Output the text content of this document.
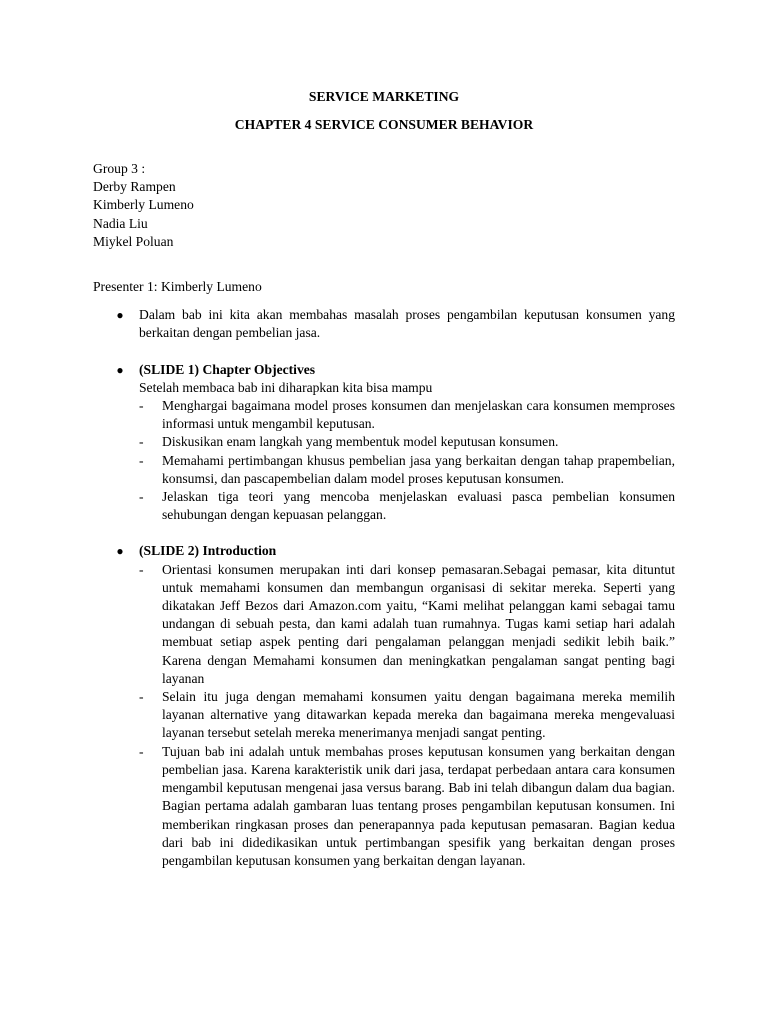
SERVICE MARKETING
CHAPTER 4 SERVICE CONSUMER BEHAVIOR
Group 3 :
Derby Rampen
Kimberly Lumeno
Nadia Liu
Miykel Poluan
Presenter 1: Kimberly Lumeno
● Dalam bab ini kita akan membahas masalah proses pengambilan keputusan konsumen yang berkaitan dengan pembelian jasa.
● (SLIDE 1) Chapter Objectives
Setelah membaca bab ini diharapkan kita bisa mampu
- Menghargai bagaimana model proses konsumen dan menjelaskan cara konsumen memproses informasi untuk mengambil keputusan.
- Diskusikan enam langkah yang membentuk model keputusan konsumen.
- Memahami pertimbangan khusus pembelian jasa yang berkaitan dengan tahap prapembelian, konsumsi, dan pascapembelian dalam model proses keputusan konsumen.
- Jelaskan tiga teori yang mencoba menjelaskan evaluasi pasca pembelian konsumen sehubungan dengan kepuasan pelanggan.
● (SLIDE 2) Introduction
- Orientasi konsumen merupakan inti dari konsep pemasaran.Sebagai pemasar, kita dituntut untuk memahami konsumen dan membangun organisasi di sekitar mereka. Seperti yang dikatakan Jeff Bezos dari Amazon.com yaitu, “Kami melihat pelanggan kami sebagai tamu undangan di sebuah pesta, dan kami adalah tuan rumahnya. Tugas kami setiap hari adalah membuat setiap aspek penting dari pengalaman pelanggan menjadi sedikit lebih baik.” Karena dengan Memahami konsumen dan meningkatkan pengalaman sangat penting bagi layanan
- Selain itu juga dengan memahami konsumen yaitu dengan bagaimana mereka memilih layanan alternative yang ditawarkan kepada mereka dan bagaimana mereka mengevaluasi layanan tersebut setelah mereka menerimanya menjadi sangat penting.
- Tujuan bab ini adalah untuk membahas proses keputusan konsumen yang berkaitan dengan pembelian jasa. Karena karakteristik unik dari jasa, terdapat perbedaan antara cara konsumen mengambil keputusan mengenai jasa versus barang. Bab ini telah dibangun dalam dua bagian. Bagian pertama adalah gambaran luas tentang proses pengambilan keputusan konsumen. Ini memberikan ringkasan proses dan penerapannya pada keputusan pemasaran. Bagian kedua dari bab ini didedikasikan untuk pertimbangan spesifik yang berkaitan dengan proses pengambilan keputusan konsumen yang berkaitan dengan layanan.
